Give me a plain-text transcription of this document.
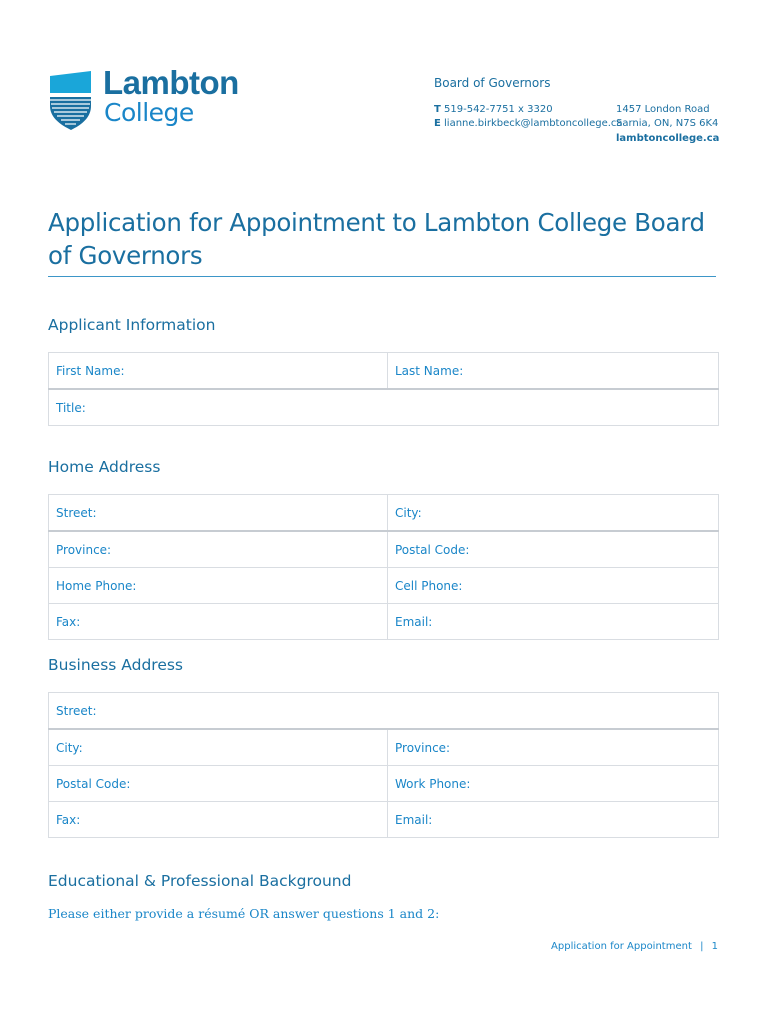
Lambton
College
Board of Governors
T 519-542-7751 x 3320
E lianne.birkbeck@lambtoncollege.ca
1457 London Road
Sarnia, ON, N7S 6K4
lambtoncollege.ca
Application for Appointment to Lambton College Board of Governors
Applicant Information
First Name:	Last Name:
Title:
Home Address
Street:	City:
Province:	Postal Code:
Home Phone:	Cell Phone:
Fax:	Email:
Business Address
Street:	
City:	Province:
Postal Code:	Work Phone:
Fax:	Email:
Educational & Professional Background
Please either provide a résumé OR answer questions 1 and 2:
Application for Appointment | 1
